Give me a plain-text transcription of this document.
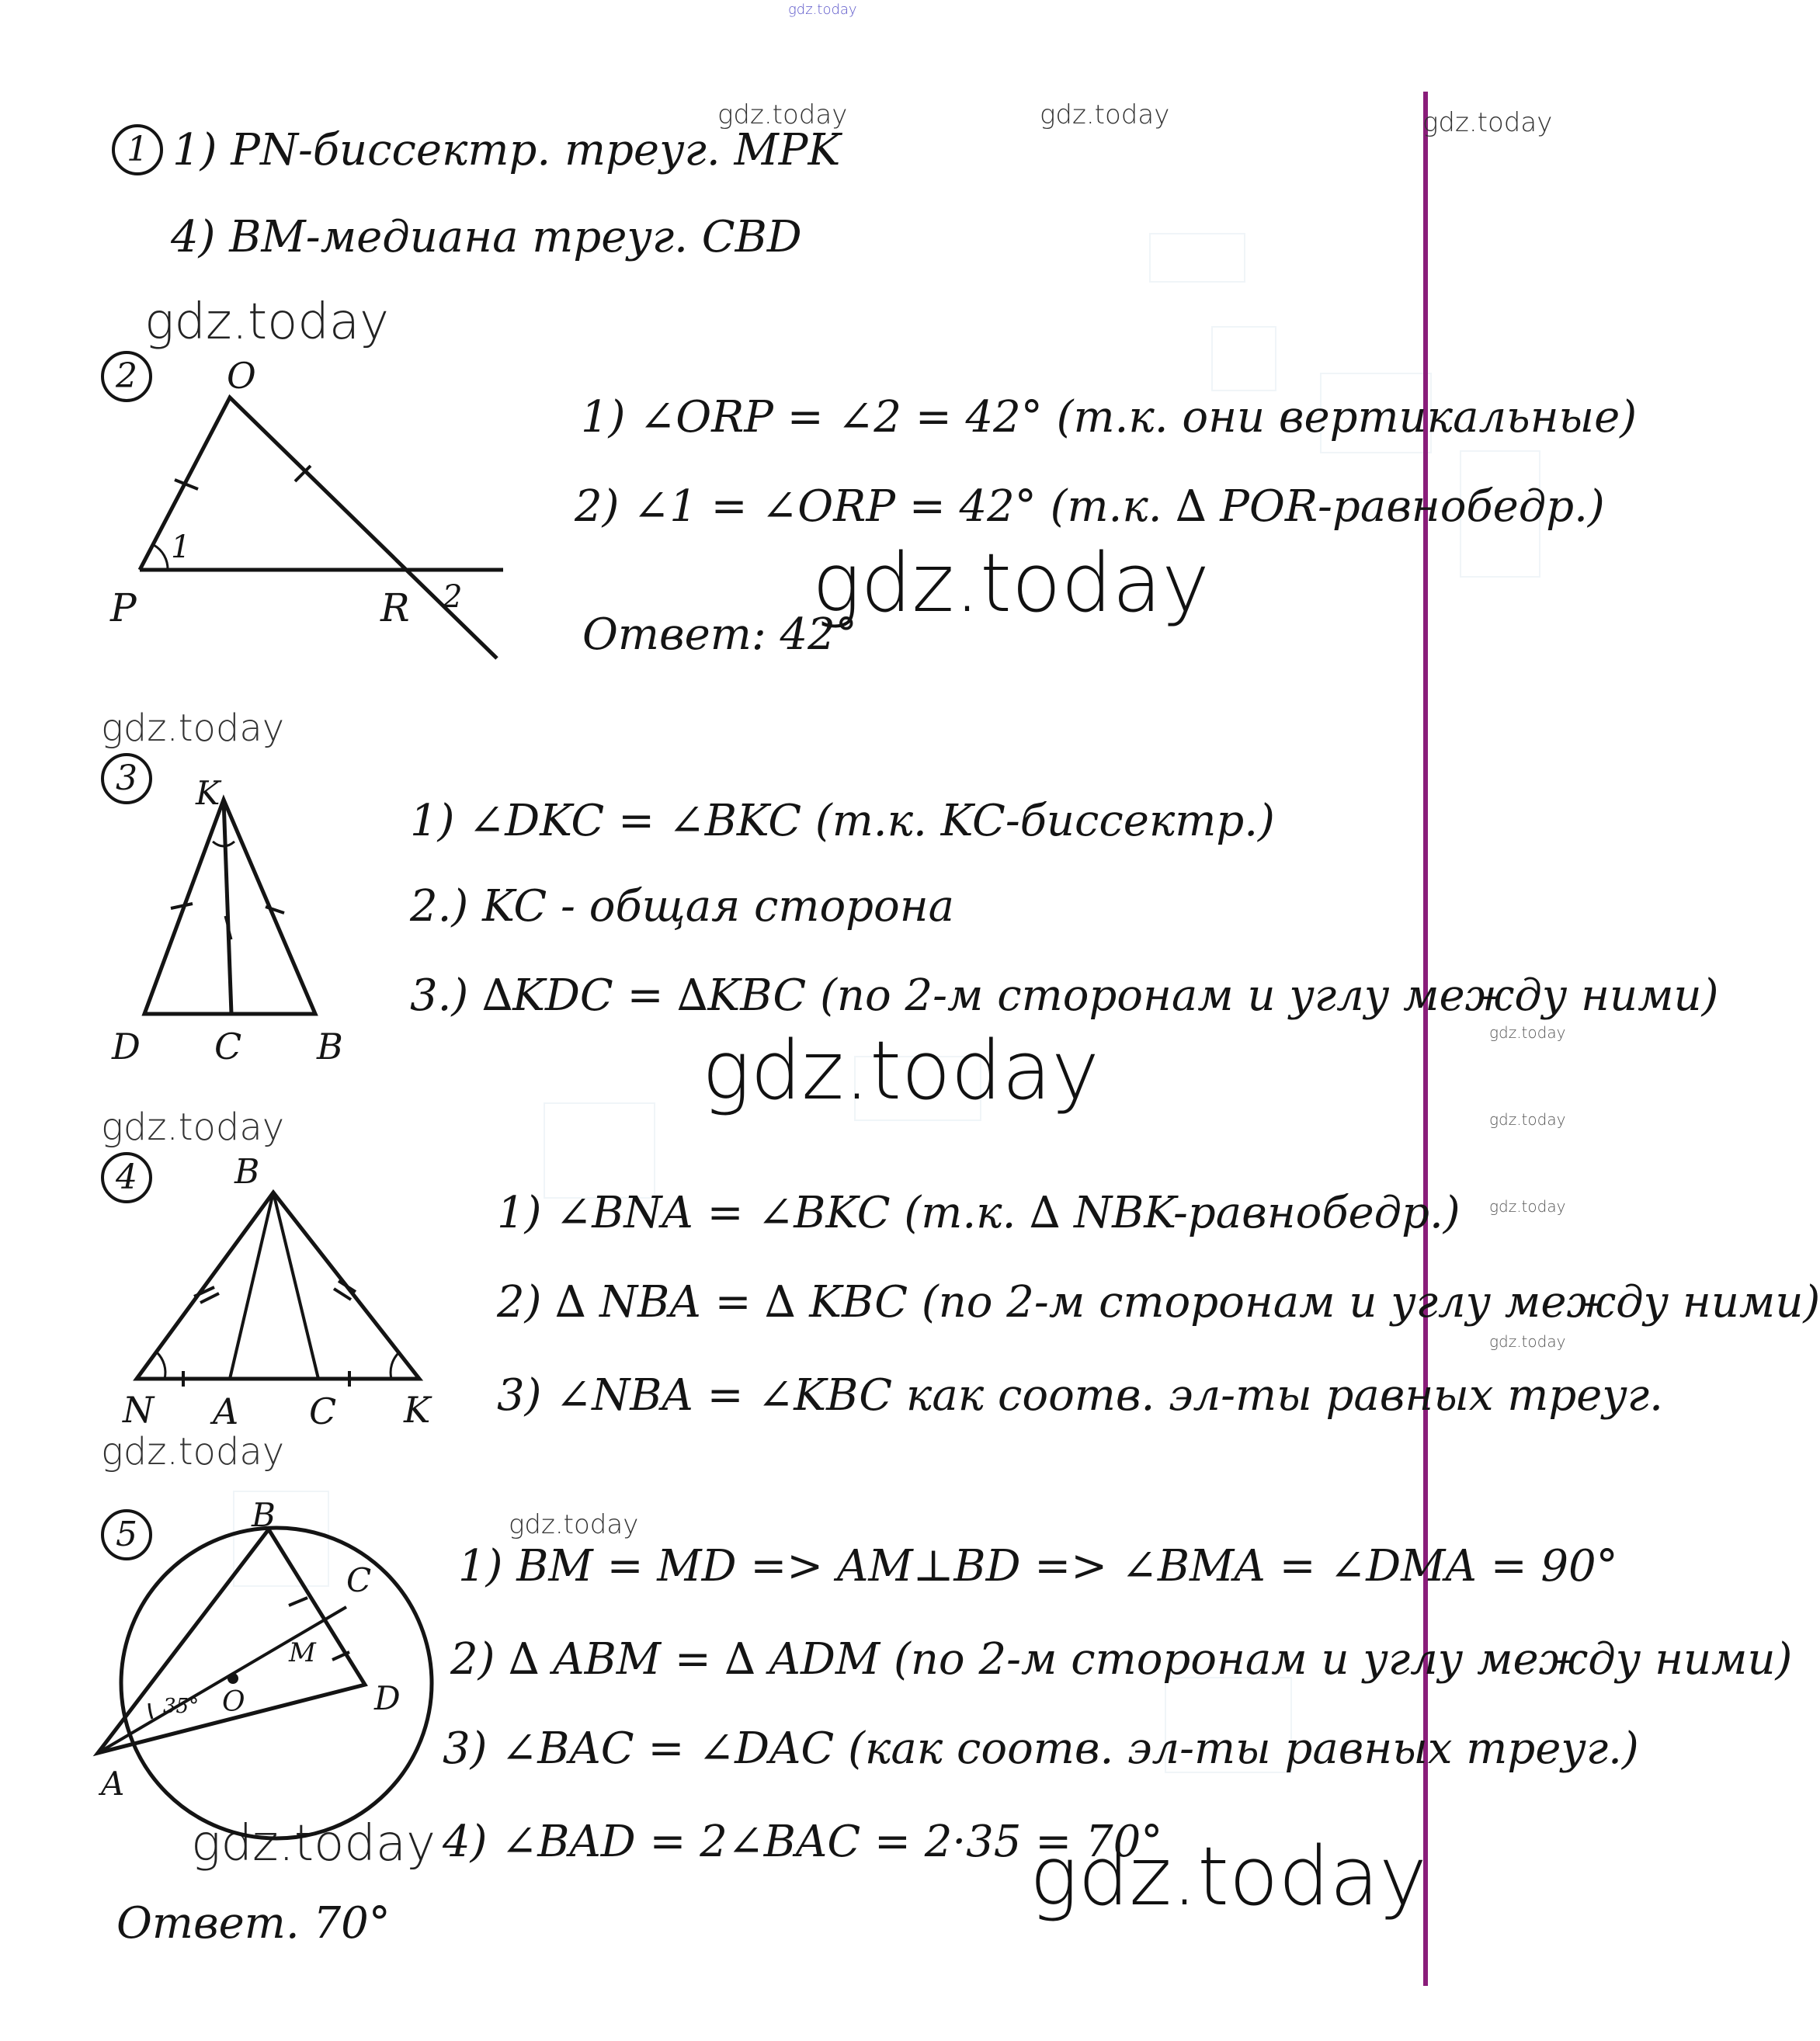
gdz.today
gdz.today	gdz.today	gdz.today
gdz.today
gdz.today
gdz.today
gdz.today	gdz.today
gdz.today	gdz.today
gdz.today
gdz.today
gdz.today
gdz.today
gdz.today	gdz.today
1 1) PN-биссектр. треуг. MPK
4) BM-медиана треуг. CBD
2	O
P	R
1
2
1) ∠ORP = ∠2 = 42° (т.к. они вертикальные)
2) ∠1 = ∠ORP = 42° (т.к. ∆ POR-равнобедр.)
Ответ: 42°
3	K
D C B
1) ∠DKC = ∠BKC (т.к. KC-биссектр.)
2.) KC - общая сторона
3.) ∆KDC = ∆KBC (по 2-м сторонам и углу между ними)
4	B
N A C K
1) ∠BNA = ∠BKC (т.к. ∆ NBK-равнобедр.)
2) ∆ NBA = ∆ KBC (по 2-м сторонам и углу между ними)
3) ∠NBA = ∠KBC как соотв. эл-ты равных треуг.
5	B
C
M
O	D
A
35°
1) BM = MD => AM⊥BD => ∠BMA = ∠DMA = 90°
2) ∆ ABM = ∆ ADM (по 2-м сторонам и углу между ними)
3) ∠BAC = ∠DAC (как соотв. эл-ты равных треуг.)
4) ∠BAD = 2∠BAC = 2·35 = 70°
Ответ. 70°
